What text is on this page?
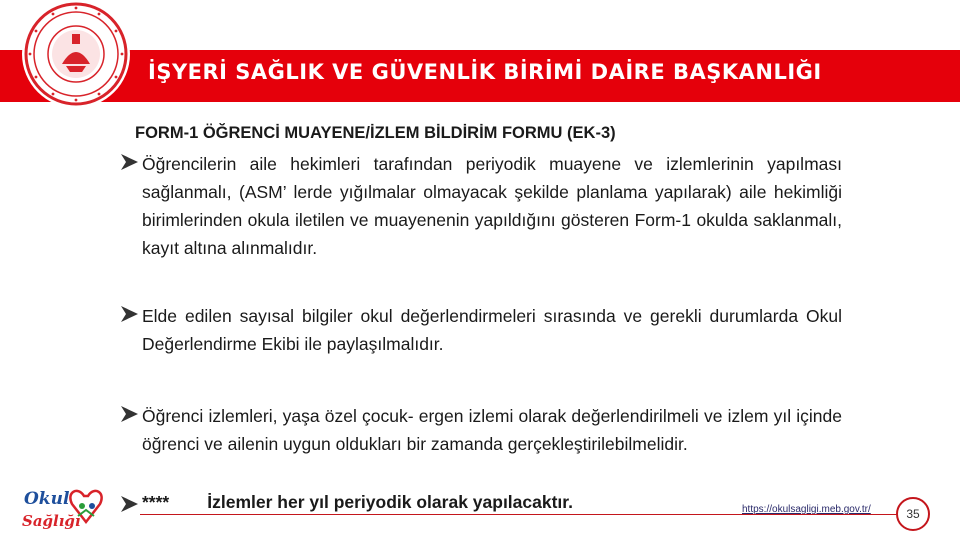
İŞYERİ SAĞLIK VE GÜVENLİK BİRİMİ DAİRE BAŞKANLIĞI
FORM-1 ÖĞRENCİ MUAYENE/İZLEM BİLDİRİM FORMU (EK-3)
Öğrencilerin aile hekimleri tarafından periyodik muayene ve izlemlerinin yapılması sağlanmalı, (ASM’ lerde yığılmalar olmayacak şekilde planlama yapılarak) aile hekimliği birimlerinden okula iletilen ve muayenenin yapıldığını gösteren Form-1 okulda saklanmalı, kayıt altına alınmalıdır.
Elde edilen sayısal bilgiler okul değerlendirmeleri sırasında ve gerekli durumlarda Okul Değerlendirme Ekibi ile paylaşılmalıdır.
Öğrenci izlemleri, yaşa özel çocuk- ergen izlemi olarak değerlendirilmeli ve izlem yıl içinde öğrenci ve ailenin uygun oldukları bir zamanda gerçekleştirilebilmelidir.
**** İzlemler her yıl periyodik olarak yapılacaktır.	https://okulsagligi.meb.gov.tr/	35
Okul
Sağlığı
